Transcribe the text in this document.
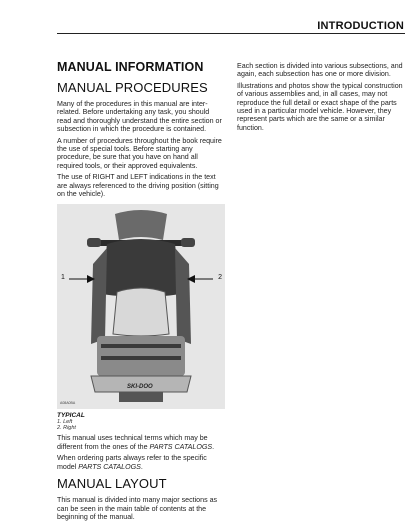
INTRODUCTION
MANUAL INFORMATION
MANUAL PROCEDURES

Many of the procedures in this manual are inter-related. Before undertaking any task, you should read and thoroughly understand the entire section or subsection in which the procedure is contained.

A number of procedures throughout the book require the use of special tools. Before starting any procedure, be sure that you have on hand all required tools, or their approved equivalents.

The use of RIGHT and LEFT indications in the text are always referenced to the driving position (sitting on the vehicle).

SKI-DOO
1	2
A08A0BA
TYPICAL
1. Left
2. Right

This manual uses technical terms which may be different from the ones of the PARTS CATALOGS.

When ordering parts always refer to the specific model PARTS CATALOGS.

MANUAL LAYOUT

This manual is divided into many major sections as can be seen in the main table of contents at the beginning of the manual.

Each section is divided into various subsections, and again, each subsection has one or more division.

Illustrations and photos show the typical construction of various assemblies and, in all cases, may not reproduce the full detail or exact shape of the parts used in a particular model vehicle. However, they represent parts which are the same or a similar function.
